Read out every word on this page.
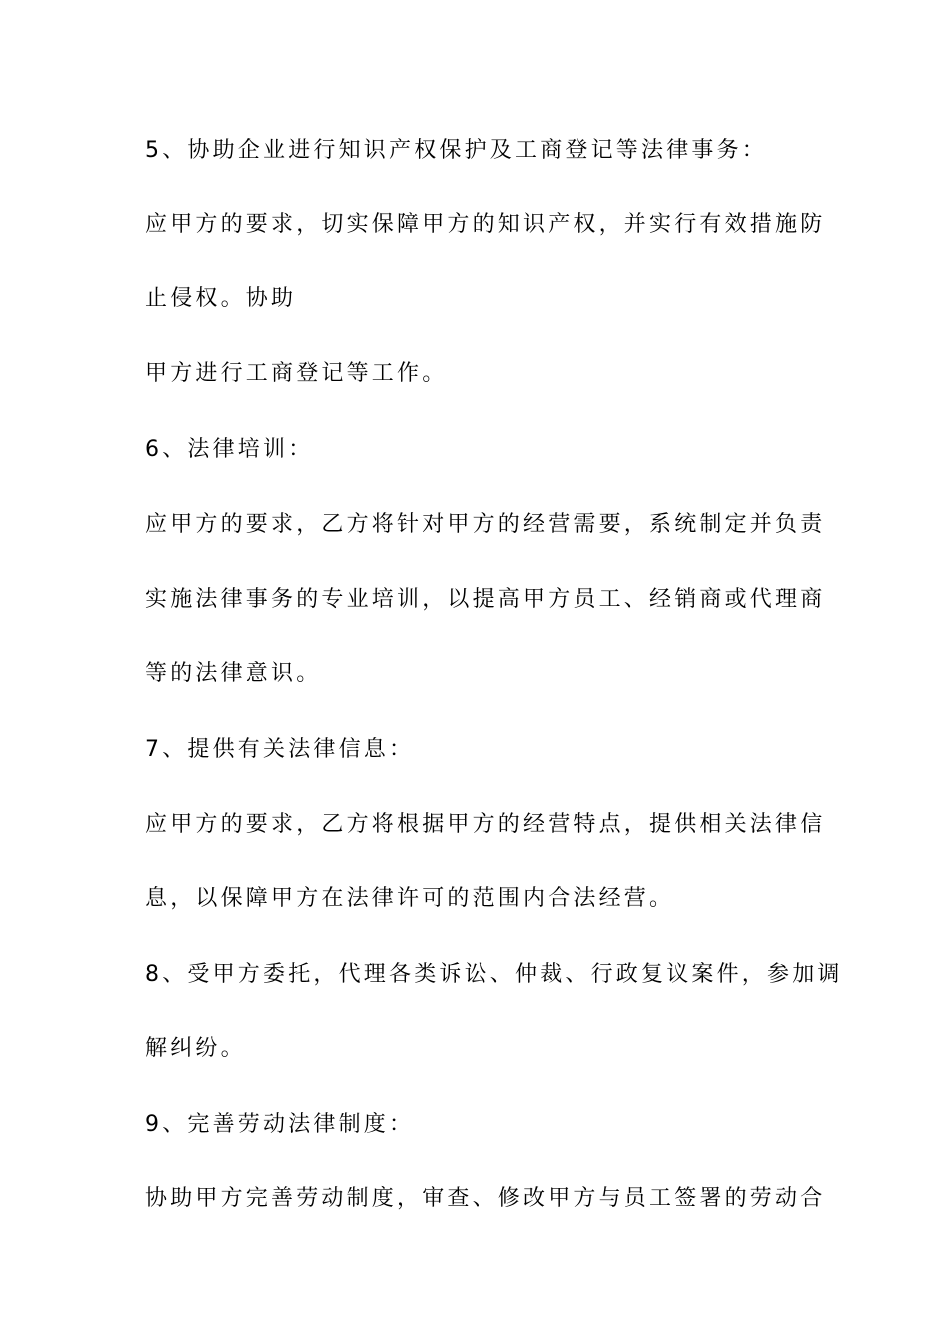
5、协助企业进行知识产权保护及工商登记等法律事务：
应甲方的要求，切实保障甲方的知识产权，并实行有效措施防
止侵权。协助
甲方进行工商登记等工作。
6、法律培训：
应甲方的要求，乙方将针对甲方的经营需要，系统制定并负责
实施法律事务的专业培训，以提高甲方员工、经销商或代理商
等的法律意识。
7、提供有关法律信息：
应甲方的要求，乙方将根据甲方的经营特点，提供相关法律信
息，以保障甲方在法律许可的范围内合法经营。
8、受甲方委托，代理各类诉讼、仲裁、行政复议案件，参加调
解纠纷。
9、完善劳动法律制度：
协助甲方完善劳动制度，审查、修改甲方与员工签署的劳动合
